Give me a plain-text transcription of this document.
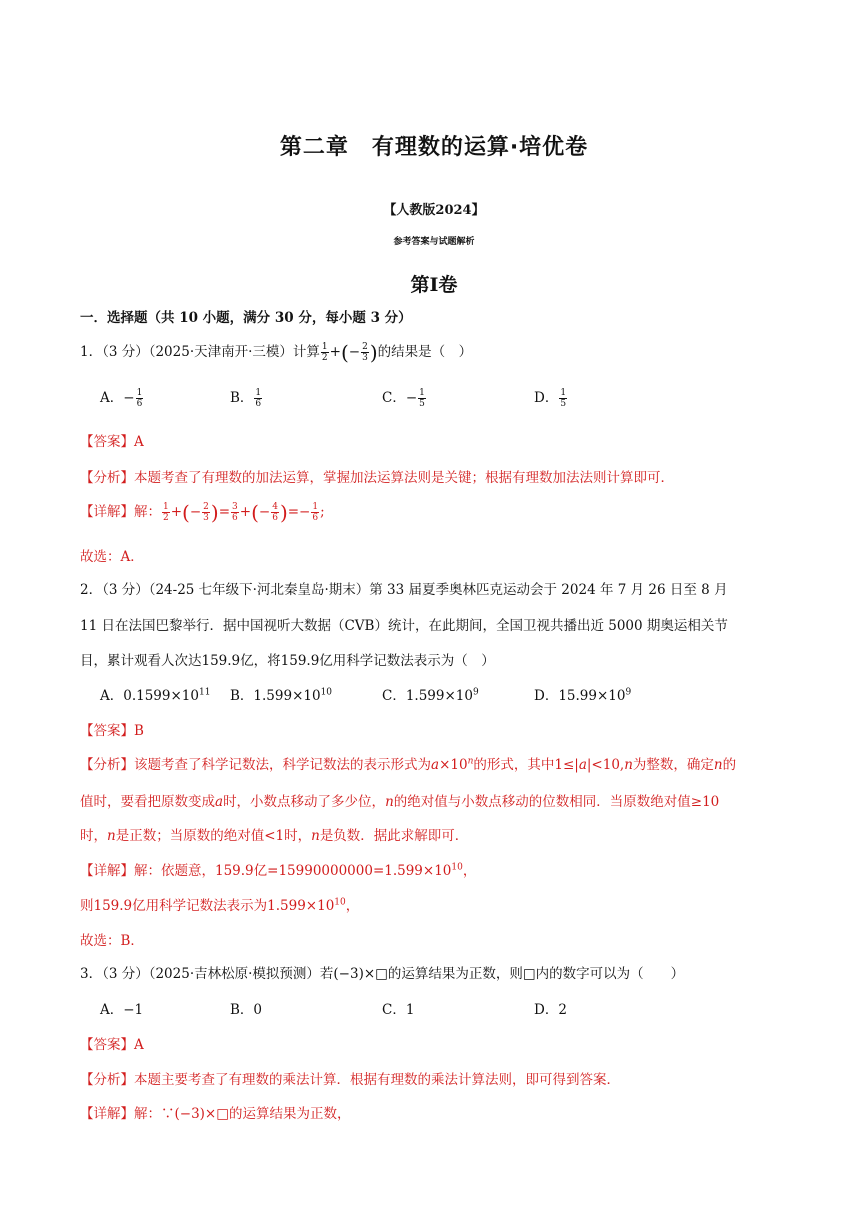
第二章　有理数的运算·培优卷
【人教版2024】
参考答案与试题解析
第Ⅰ卷
一．选择题（共 10 小题，满分 30 分，每小题 3 分）
1．（3 分）（2025·天津南开·三模）计算 $\frac{1}{2}$ +(− $\frac{2}{3}$ )的结果是（　）
A．− $\frac{1}{6}$	B． $\frac{1}{6}$	C．− $\frac{1}{5}$	D． $\frac{1}{5}$
【答案】A
【分析】本题考查了有理数的加法运算，掌握加法运算法则是关键；根据有理数加法法则计算即可．
【详解】解： $\frac{1}{2}$ +(− $\frac{2}{3}$ )= $\frac{3}{6}$ +(− $\frac{4}{6}$ )=− $\frac{1}{6}$ ;
故选：A．
2．（3 分）（24-25 七年级下·河北秦皇岛·期末）第 33 届夏季奥林匹克运动会于 2024 年 7 月 26 日至 8 月
11 日在法国巴黎举行．据中国视听大数据（CVB）统计，在此期间，全国卫视共播出近 5000 期奥运相关节
目，累计观看人次达159.9亿，将159.9亿用科学记数法表示为（　）
A．$0.1599\times 10^{11}$ B．$1.599\times 10^{10}$	C．$1.599\times 10^9$	D．$15.99\times 10^9$
【答案】B
【分析】该题考查了科学记数法，科学记数法的表示形式为$a\times 10^n$的形式，其中1≤|a|<10,n为整数，确定n的
值时，要看把原数变成a时，小数点移动了多少位，n的绝对值与小数点移动的位数相同．当原数绝对值≥10
时，n是正数；当原数的绝对值<1时，n是负数．据此求解即可．
【详解】解：依题意，159.9亿$=15990000000=1.599\times 10^{10}$，
则159.9亿用科学记数法表示为$1.599\times 10^{10}$，
故选：B．
3．（3 分）（2025·吉林松原·模拟预测）若(−3)×□的运算结果为正数，则□内的数字可以为（　　）
A．−1	B．0	C．1	D．2
【答案】A
【分析】本题主要考查了有理数的乘法计算．根据有理数的乘法计算法则，即可得到答案．
【详解】解：∵(−3)×□的运算结果为正数，
